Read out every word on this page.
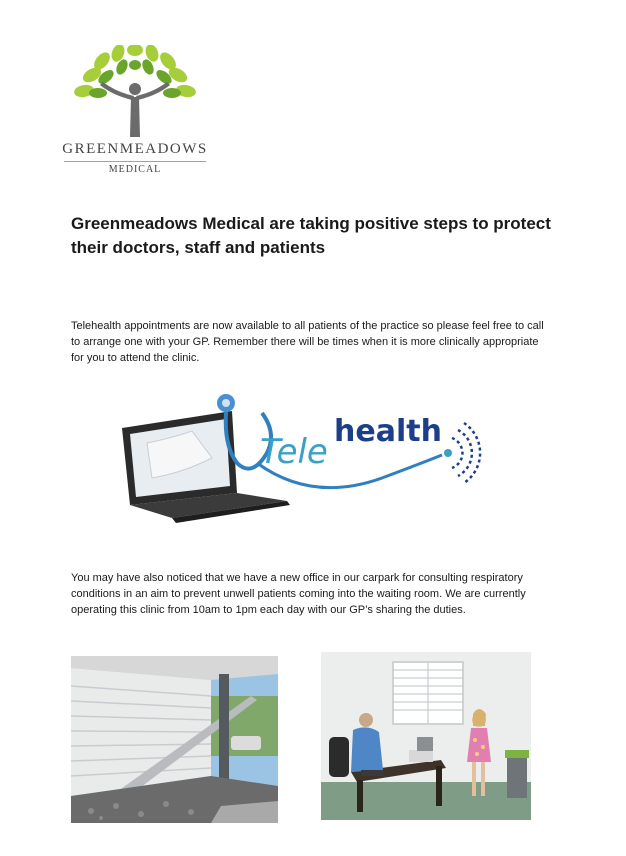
GREENMEADOWS
MEDICAL
Greenmeadows Medical are taking positive steps to protect their doctors, staff and patients

Telehealth appointments are now available to all patients of the practice so please feel free to call to arrange one with your GP. Remember there will be times when it is more clinically appropriate for you to attend the clinic.

Tele
health

You may have also noticed that we have a new office in our carpark for consulting respiratory conditions in an aim to prevent unwell patients coming into the waiting room. We are currently operating this clinic from 10am to 1pm each day with our GP’s sharing the duties.
